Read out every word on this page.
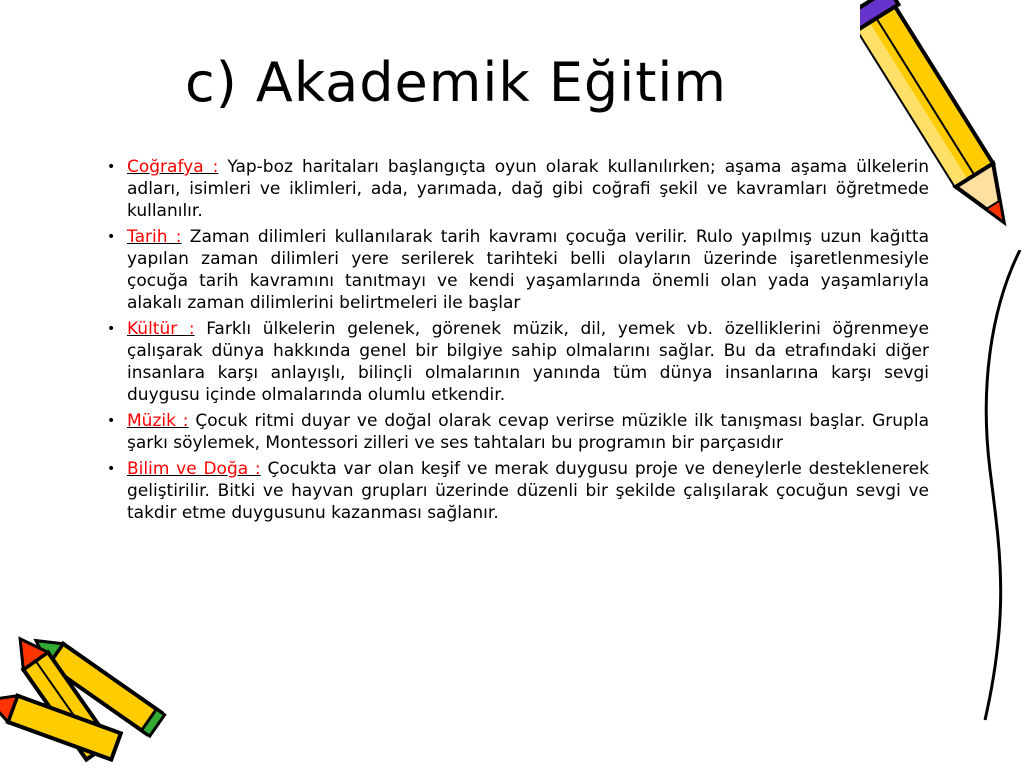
c) Akademik Eğitim
• Coğrafya : Yap-boz haritaları başlangıçta oyun olarak kullanılırken; aşama aşama ülkelerin adları, isimleri ve iklimleri, ada, yarımada, dağ gibi coğrafi şekil ve kavramları öğretmede kullanılır.
• Tarih : Zaman dilimleri kullanılarak tarih kavramı çocuğa verilir. Rulo yapılmış uzun kağıtta yapılan zaman dilimleri yere serilerek tarihteki belli olayların üzerinde işaretlenmesiyle çocuğa tarih kavramını tanıtmayı ve kendi yaşamlarında önemli olan yada yaşamlarıyla alakalı zaman dilimlerini belirtmeleri ile başlar
• Kültür : Farklı ülkelerin gelenek, görenek müzik, dil, yemek vb. özelliklerini öğrenmeye çalışarak dünya hakkında genel bir bilgiye sahip olmalarını sağlar. Bu da etrafındaki diğer insanlara karşı anlayışlı, bilinçli olmalarının yanında tüm dünya insanlarına karşı sevgi duygusu içinde olmalarında olumlu etkendir.
• Müzik : Çocuk ritmi duyar ve doğal olarak cevap verirse müzikle ilk tanışması başlar. Grupla şarkı söylemek, Montessori zilleri ve ses tahtaları bu programın bir parçasıdır
• Bilim ve Doğa : Çocukta var olan keşif ve merak duygusu proje ve deneylerle desteklenerek geliştirilir. Bitki ve hayvan grupları üzerinde düzenli bir şekilde çalışılarak çocuğun sevgi ve takdir etme duygusunu kazanması sağlanır.
